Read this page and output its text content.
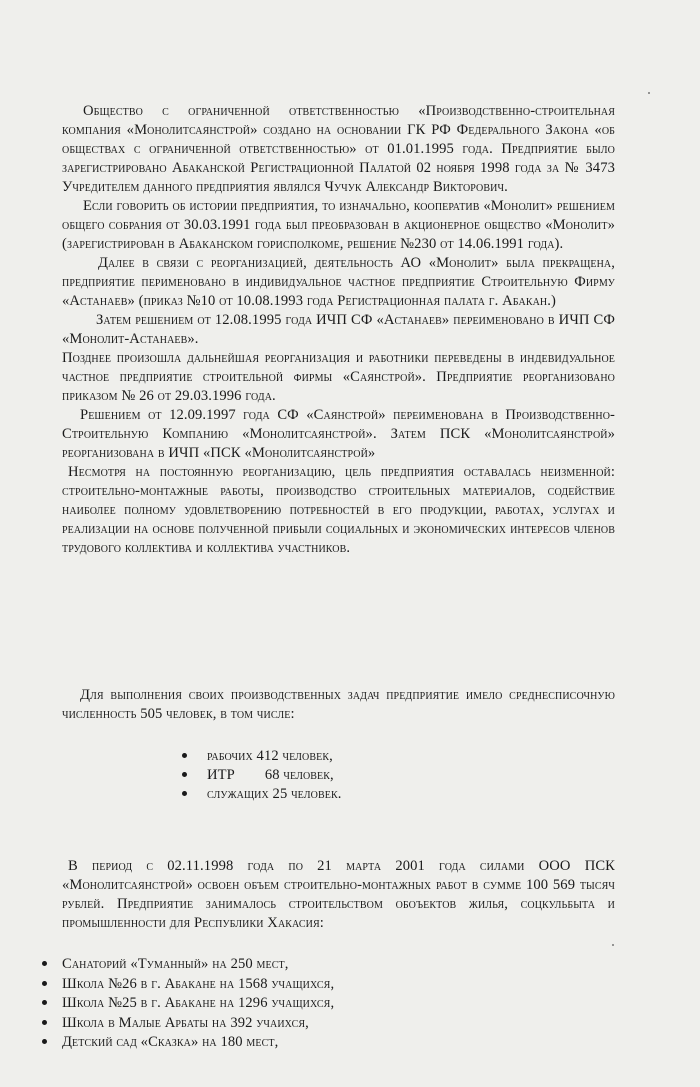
Общество с ограниченной ответственностью «Производственно-строительная компания «Монолитсаянстрой» создано на основании ГК РФ Федерального Закона «об обществах с ограниченной ответственностью» от 01.01.1995 года. Предприятие было зарегистрировано Абаканской Регистрационной Палатой 02 ноября 1998 года за № 3473 Учредителем данного предприятия являлся Чучук Александр Викторович.

Если говорить об истории предприятия, то изначально, кооператив «Монолит» решением общего собрания от 30.03.1991 года был преобразован в акционерное общество «Монолит» (зарегистрирован в Абаканском горисполкоме, решение №230 от 14.06.1991 года).

Далее в связи с реорганизацией, деятельность АО «Монолит» была прекращена, предприятие перименовано в индивидуальное частное предприятие Строительную Фирму «Астанаев» (приказ №10 от 10.08.1993 года Регистрационная палата г. Абакан.)

Затем решением от 12.08.1995 года ИЧП СФ «Астанаев» переименовано в ИЧП СФ «Монолит-Астанаев».

Позднее произошла дальнейшая реорганизация и работники переведены в индевидуальное частное предприятие строительной фирмы «Саянстрой». Предприятие реорганизовано приказом № 26 от 29.03.1996 года.

Решением от 12.09.1997 года СФ «Саянстрой» переименована в Производственно-Строительную Компанию «Монолитсаянстрой». Затем ПСК «Монолитсаянстрой» реорганизована в ИЧП «ПСК «Монолитсаянстрой»

Несмотря на постоянную реорганизацию, цель предприятия оставалась неизменной: строительно-монтажные работы, производство строительных материалов, содействие наиболее полному удовлетворению потребностей в его продукции, работах, услугах и реализации на основе полученной прибыли социальных и экономических интересов членов трудового коллектива и коллектива участников.

Для выполнения своих производственных задач предприятие имело среднесписочную численность 505 человек, в том числе:

рабочих 412 человек,
ИТР        68 человек,
служащих 25 человек.

В период с 02.11.1998 года по 21 марта 2001 года силами ООО ПСК «Монолитсаянстрой» освоен объем строительно-монтажных работ в сумме 100 569 тысяч рублей. Предприятие занималось строительством обоъектов жилья, соцкульбыта и промышленности для Республики Хакасия:

Санаторий «Туманный» на 250 мест,
Школа №26 в г. Абакане на 1568 учащихся,
Школа №25 в г. Абакане на 1296 учащихся,
Школа в Малые Арбаты на 392 учаихся,
Детский сад «Сказка» на 180 мест,
